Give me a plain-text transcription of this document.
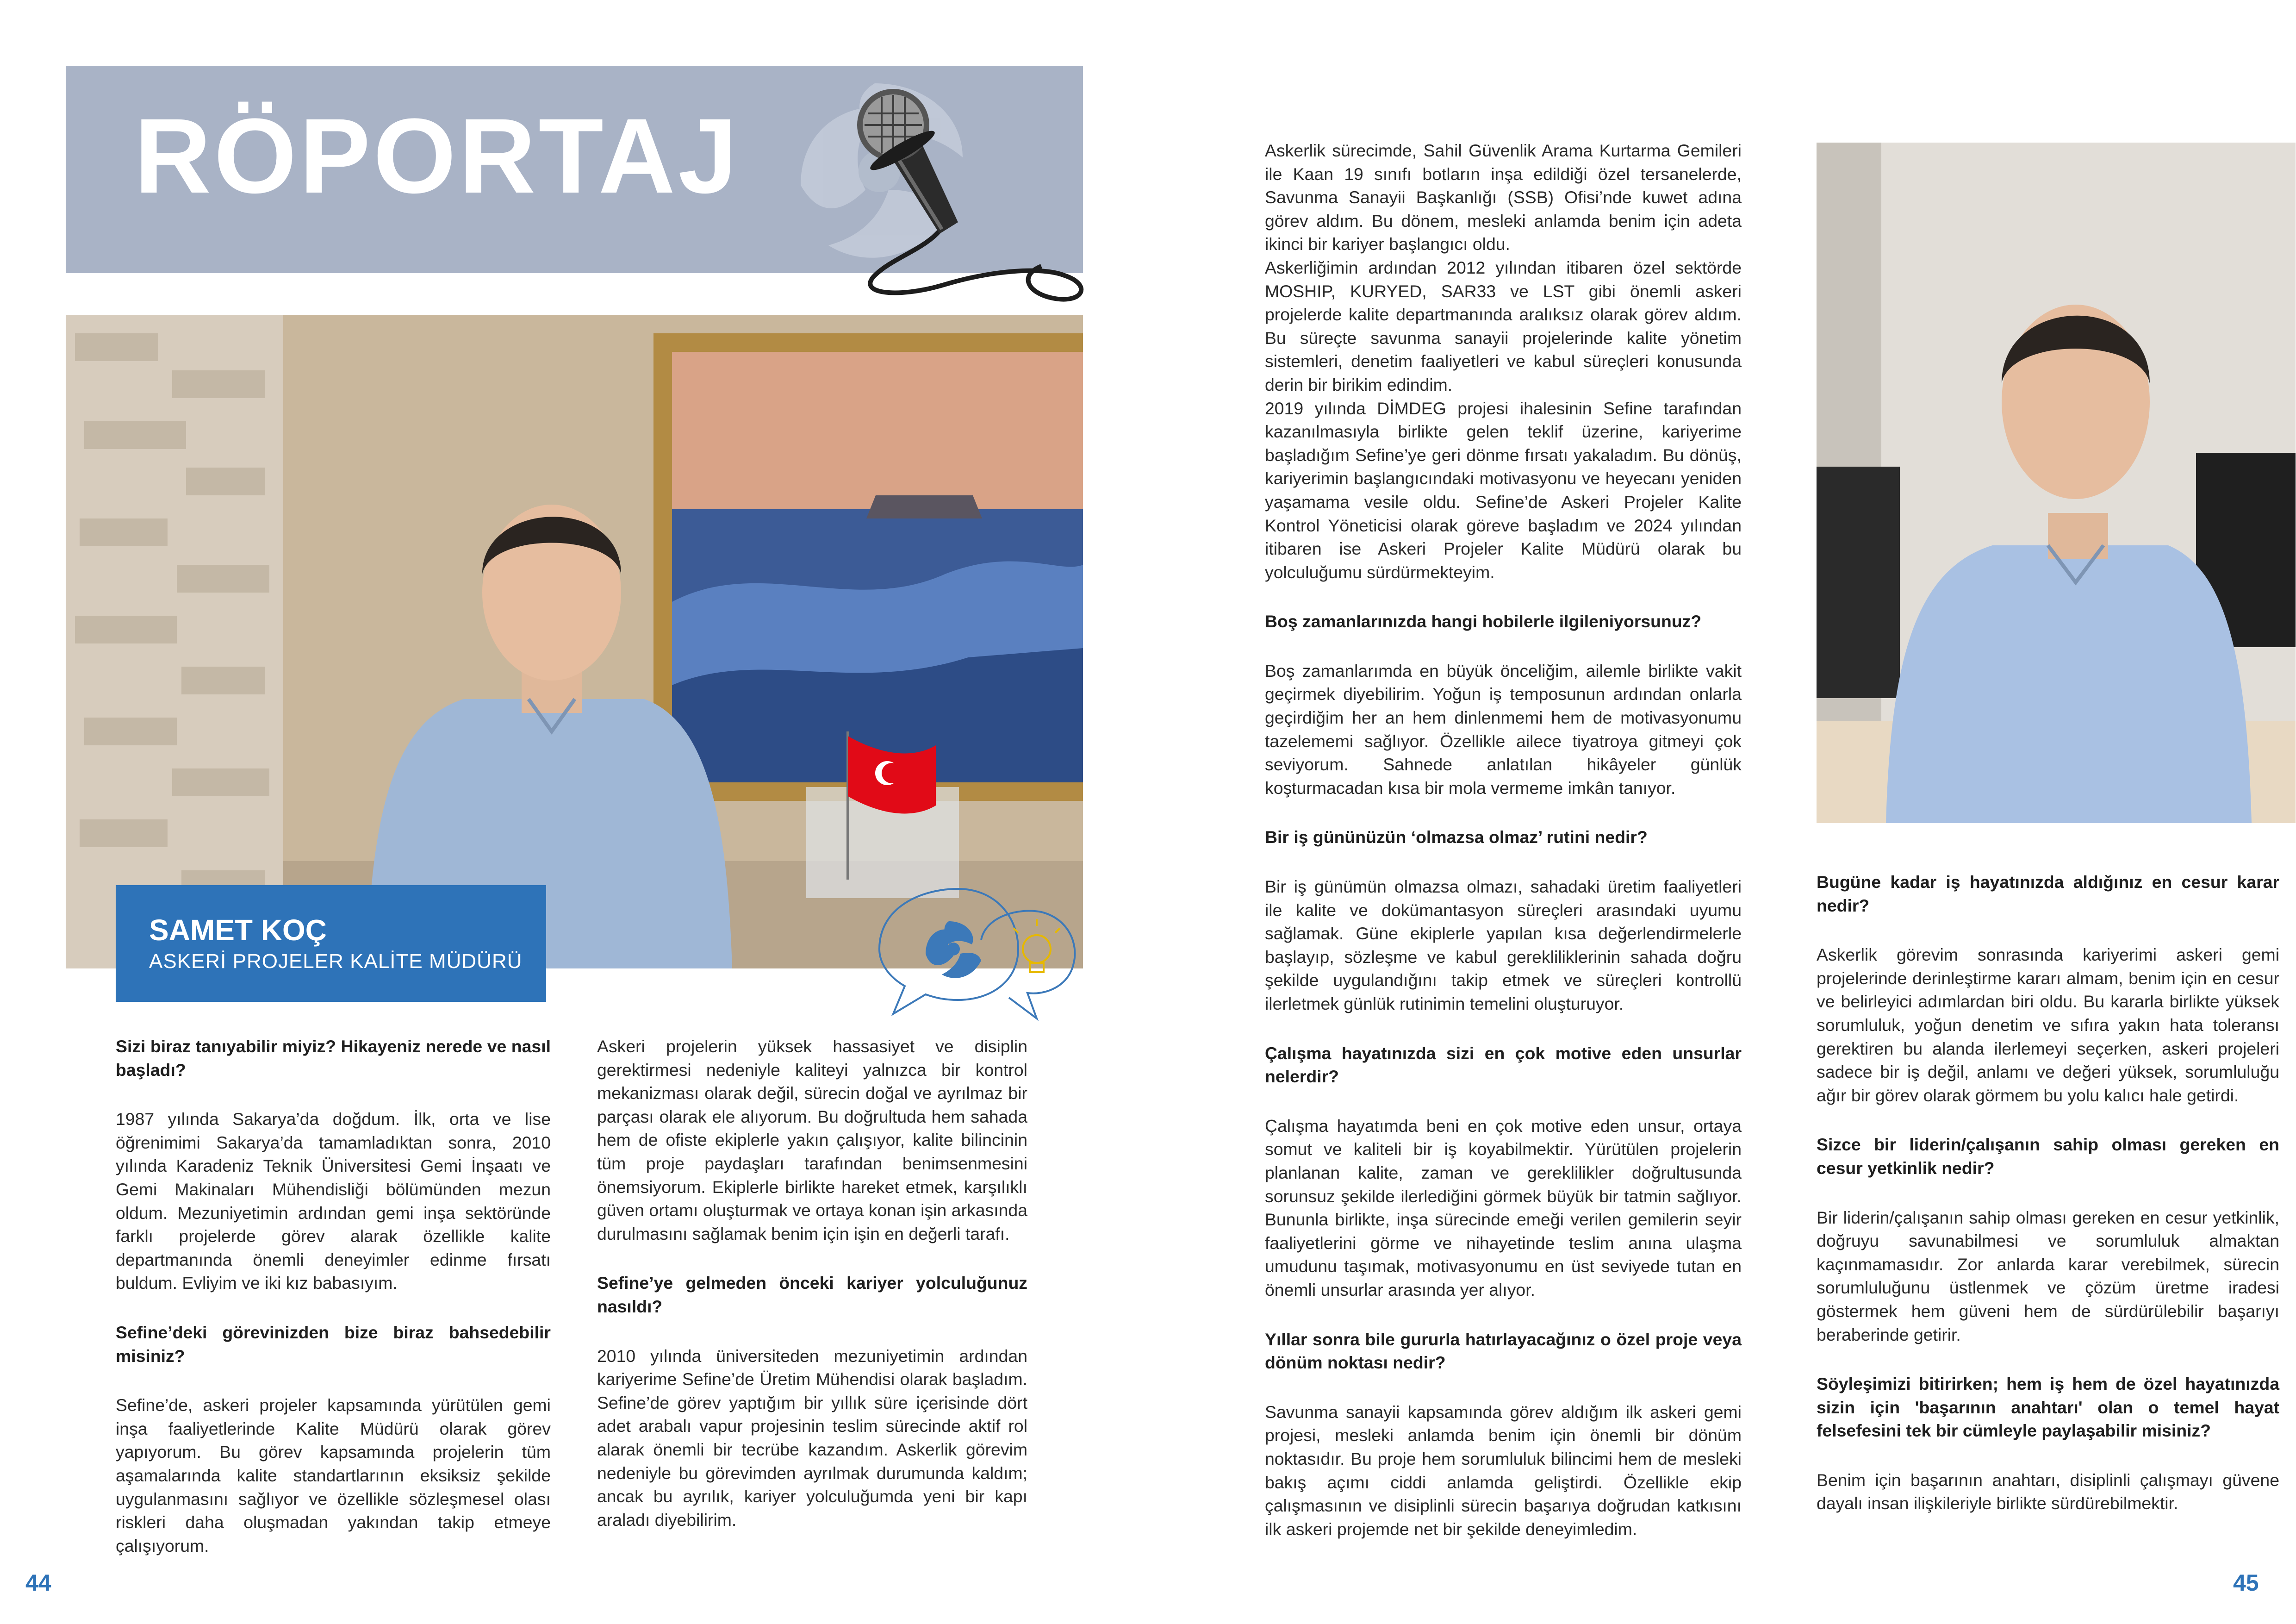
RÖPORTAJ
SAMET KOÇ
ASKERİ PROJELER KALİTE MÜDÜRÜ

Sizi biraz tanıyabilir miyiz? Hikayeniz nerede ve nasıl başladı?

1987 yılında Sakarya’da doğdum. İlk, orta ve lise öğrenimimi Sakarya’da tamamladıktan sonra, 2010 yılında Karadeniz Teknik Üniversitesi Gemi İnşaatı ve Gemi Makinaları Mühendisliği bölümünden mezun oldum. Mezuniyetimin ardından gemi inşa sektöründe farklı projelerde görev alarak özellikle kalite departmanında önemli deneyimler edinme fırsatı buldum. Evliyim ve iki kız babasıyım.

Sefine’deki görevinizden bize biraz bahsedebilir misiniz?

Sefine’de, askeri projeler kapsamında yürütülen gemi inşa faaliyetlerinde Kalite Müdürü olarak görev yapıyorum. Bu görev kapsamında projelerin tüm aşamalarında kalite standartlarının eksiksiz şekilde uygulanmasını sağlıyor ve özellikle sözleşmesel olası riskleri daha oluşmadan yakından takip etmeye çalışıyorum.

Askeri projelerin yüksek hassasiyet ve disiplin gerektirmesi nedeniyle kaliteyi yalnızca bir kontrol mekanizması olarak değil, sürecin doğal ve ayrılmaz bir parçası olarak ele alıyorum. Bu doğrultuda hem sahada hem de ofiste ekiplerle yakın çalışıyor, kalite bilincinin tüm proje paydaşları tarafından benimsenmesini önemsiyorum. Ekiplerle birlikte hareket etmek, karşılıklı güven ortamı oluşturmak ve ortaya konan işin arkasında durulmasını sağlamak benim için işin en değerli tarafı.

Sefine’ye gelmeden önceki kariyer yolculuğunuz nasıldı?

2010 yılında üniversiteden mezuniyetimin ardından kariyerime Sefine’de Üretim Mühendisi olarak başladım. Sefine’de görev yaptığım bir yıllık süre içerisinde dört adet arabalı vapur projesinin teslim sürecinde aktif rol alarak önemli bir tecrübe kazandım. Askerlik görevim nedeniyle bu görevimden ayrılmak durumunda kaldım; ancak bu ayrılık, kariyer yolculuğumda yeni bir kapı araladı diyebilirim.

Askerlik sürecimde, Sahil Güvenlik Arama Kurtarma Gemileri ile Kaan 19 sınıfı botların inşa edildiği özel tersanelerde, Savunma Sanayii Başkanlığı (SSB) Ofisi’nde kuwet adına görev aldım. Bu dönem, mesleki anlamda benim için adeta ikinci bir kariyer başlangıcı oldu.

Askerliğimin ardından 2012 yılından itibaren özel sektörde MOSHIP, KURYED, SAR33 ve LST gibi önemli askeri projelerde kalite departmanında aralıksız olarak görev aldım. Bu süreçte savunma sanayii projelerinde kalite yönetim sistemleri, denetim faaliyetleri ve kabul süreçleri konusunda derin bir birikim edindim.

2019 yılında DİMDEG projesi ihalesinin Sefine tarafından kazanılmasıyla birlikte gelen teklif üzerine, kariyerime başladığım Sefine’ye geri dönme fırsatı yakaladım. Bu dönüş, kariyerimin başlangıcındaki motivasyonu ve heyecanı yeniden yaşamama vesile oldu. Sefine’de Askeri Projeler Kalite Kontrol Yöneticisi olarak göreve başladım ve 2024 yılından itibaren ise Askeri Projeler Kalite Müdürü olarak bu yolculuğumu sürdürmekteyim.

Boş zamanlarınızda hangi hobilerle ilgileniyorsunuz?

Boş zamanlarımda en büyük önceliğim, ailemle birlikte vakit geçirmek diyebilirim. Yoğun iş temposunun ardından onlarla geçirdiğim her an hem dinlenmemi hem de motivasyonumu tazelememi sağlıyor. Özellikle ailece tiyatroya gitmeyi çok seviyorum. Sahnede anlatılan hikâyeler günlük koşturmacadan kısa bir mola vermeme imkân tanıyor.

Bir iş gününüzün ‘olmazsa olmaz’ rutini nedir?

Bir iş günümün olmazsa olmazı, sahadaki üretim faaliyetleri ile kalite ve dokümantasyon süreçleri arasındaki uyumu sağlamak. Güne ekiplerle yapılan kısa değerlendirmelerle başlayıp, sözleşme ve kabul gerekliliklerinin sahada doğru şekilde uygulandığını takip etmek ve süreçleri kontrollü ilerletmek günlük rutinimin temelini oluşturuyor.

Çalışma hayatınızda sizi en çok motive eden unsurlar nelerdir?

Çalışma hayatımda beni en çok motive eden unsur, ortaya somut ve kaliteli bir iş koyabilmektir. Yürütülen projelerin planlanan kalite, zaman ve gereklilikler doğrultusunda sorunsuz şekilde ilerlediğini görmek büyük bir tatmin sağlıyor. Bununla birlikte, inşa sürecinde emeği verilen gemilerin seyir faaliyetlerini görme ve nihayetinde teslim anına ulaşma umudunu taşımak, motivasyonumu en üst seviyede tutan en önemli unsurlar arasında yer alıyor.

Yıllar sonra bile gururla hatırlayacağınız o özel proje veya dönüm noktası nedir?

Savunma sanayii kapsamında görev aldığım ilk askeri gemi projesi, mesleki anlamda benim için önemli bir dönüm noktasıdır. Bu proje hem sorumluluk bilincimi hem de mesleki bakış açımı ciddi anlamda geliştirdi. Özellikle ekip çalışmasının ve disiplinli sürecin başarıya doğrudan katkısını ilk askeri projemde net bir şekilde deneyimledim.

Bugüne kadar iş hayatınızda aldığınız en cesur karar nedir?

Askerlik görevim sonrasında kariyerimi askeri gemi projelerinde derinleştirme kararı almam, benim için en cesur ve belirleyici adımlardan biri oldu. Bu kararla birlikte yüksek sorumluluk, yoğun denetim ve sıfıra yakın hata toleransı gerektiren bu alanda ilerlemeyi seçerken, askeri projeleri sadece bir iş değil, anlamı ve değeri yüksek, sorumluluğu ağır bir görev olarak görmem bu yolu kalıcı hale getirdi.

Sizce bir liderin/çalışanın sahip olması gereken en cesur yetkinlik nedir?

Bir liderin/çalışanın sahip olması gereken en cesur yetkinlik, doğruyu savunabilmesi ve sorumluluk almaktan kaçınmamasıdır. Zor anlarda karar verebilmek, sürecin sorumluluğunu üstlenmek ve çözüm üretme iradesi göstermek hem güveni hem de sürdürülebilir başarıyı beraberinde getirir.

Söyleşimizi bitirirken; hem iş hem de özel hayatınızda sizin için 'başarının anahtarı' olan o temel hayat felsefesini tek bir cümleyle paylaşabilir misiniz?

Benim için başarının anahtarı, disiplinli çalışmayı güvene dayalı insan ilişkileriyle birlikte sürdürebilmektir.

44	45
